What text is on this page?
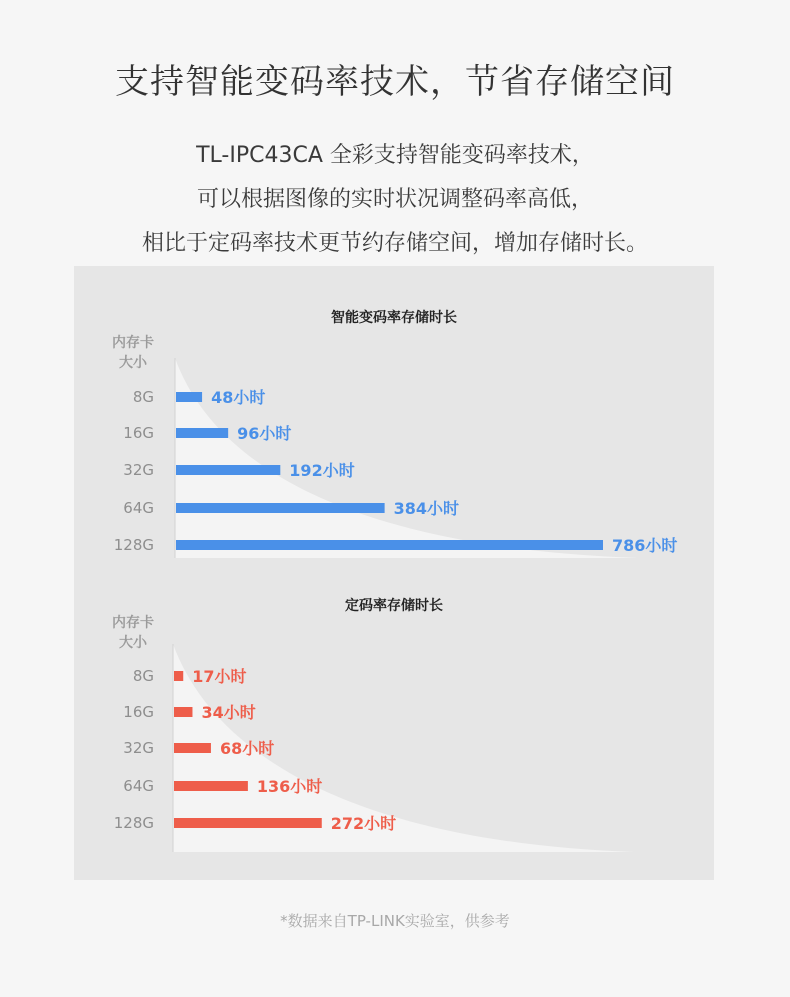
支持智能变码率技术，节省存储空间
TL-IPC43CA 全彩支持智能变码率技术，
可以根据图像的实时状况调整码率高低，
相比于定码率技术更节约存储空间，增加存储时长。
智能变码率存储时长
内存卡
大小
8G	48小时
16G	96小时
32G	192小时
64G	384小时
128G	786小时
定码率存储时长
内存卡
大小
8G 17小时
16G	34小时
32G	68小时
64G	136小时
128G	272小时
*数据来自TP-LINK实验室，供参考
